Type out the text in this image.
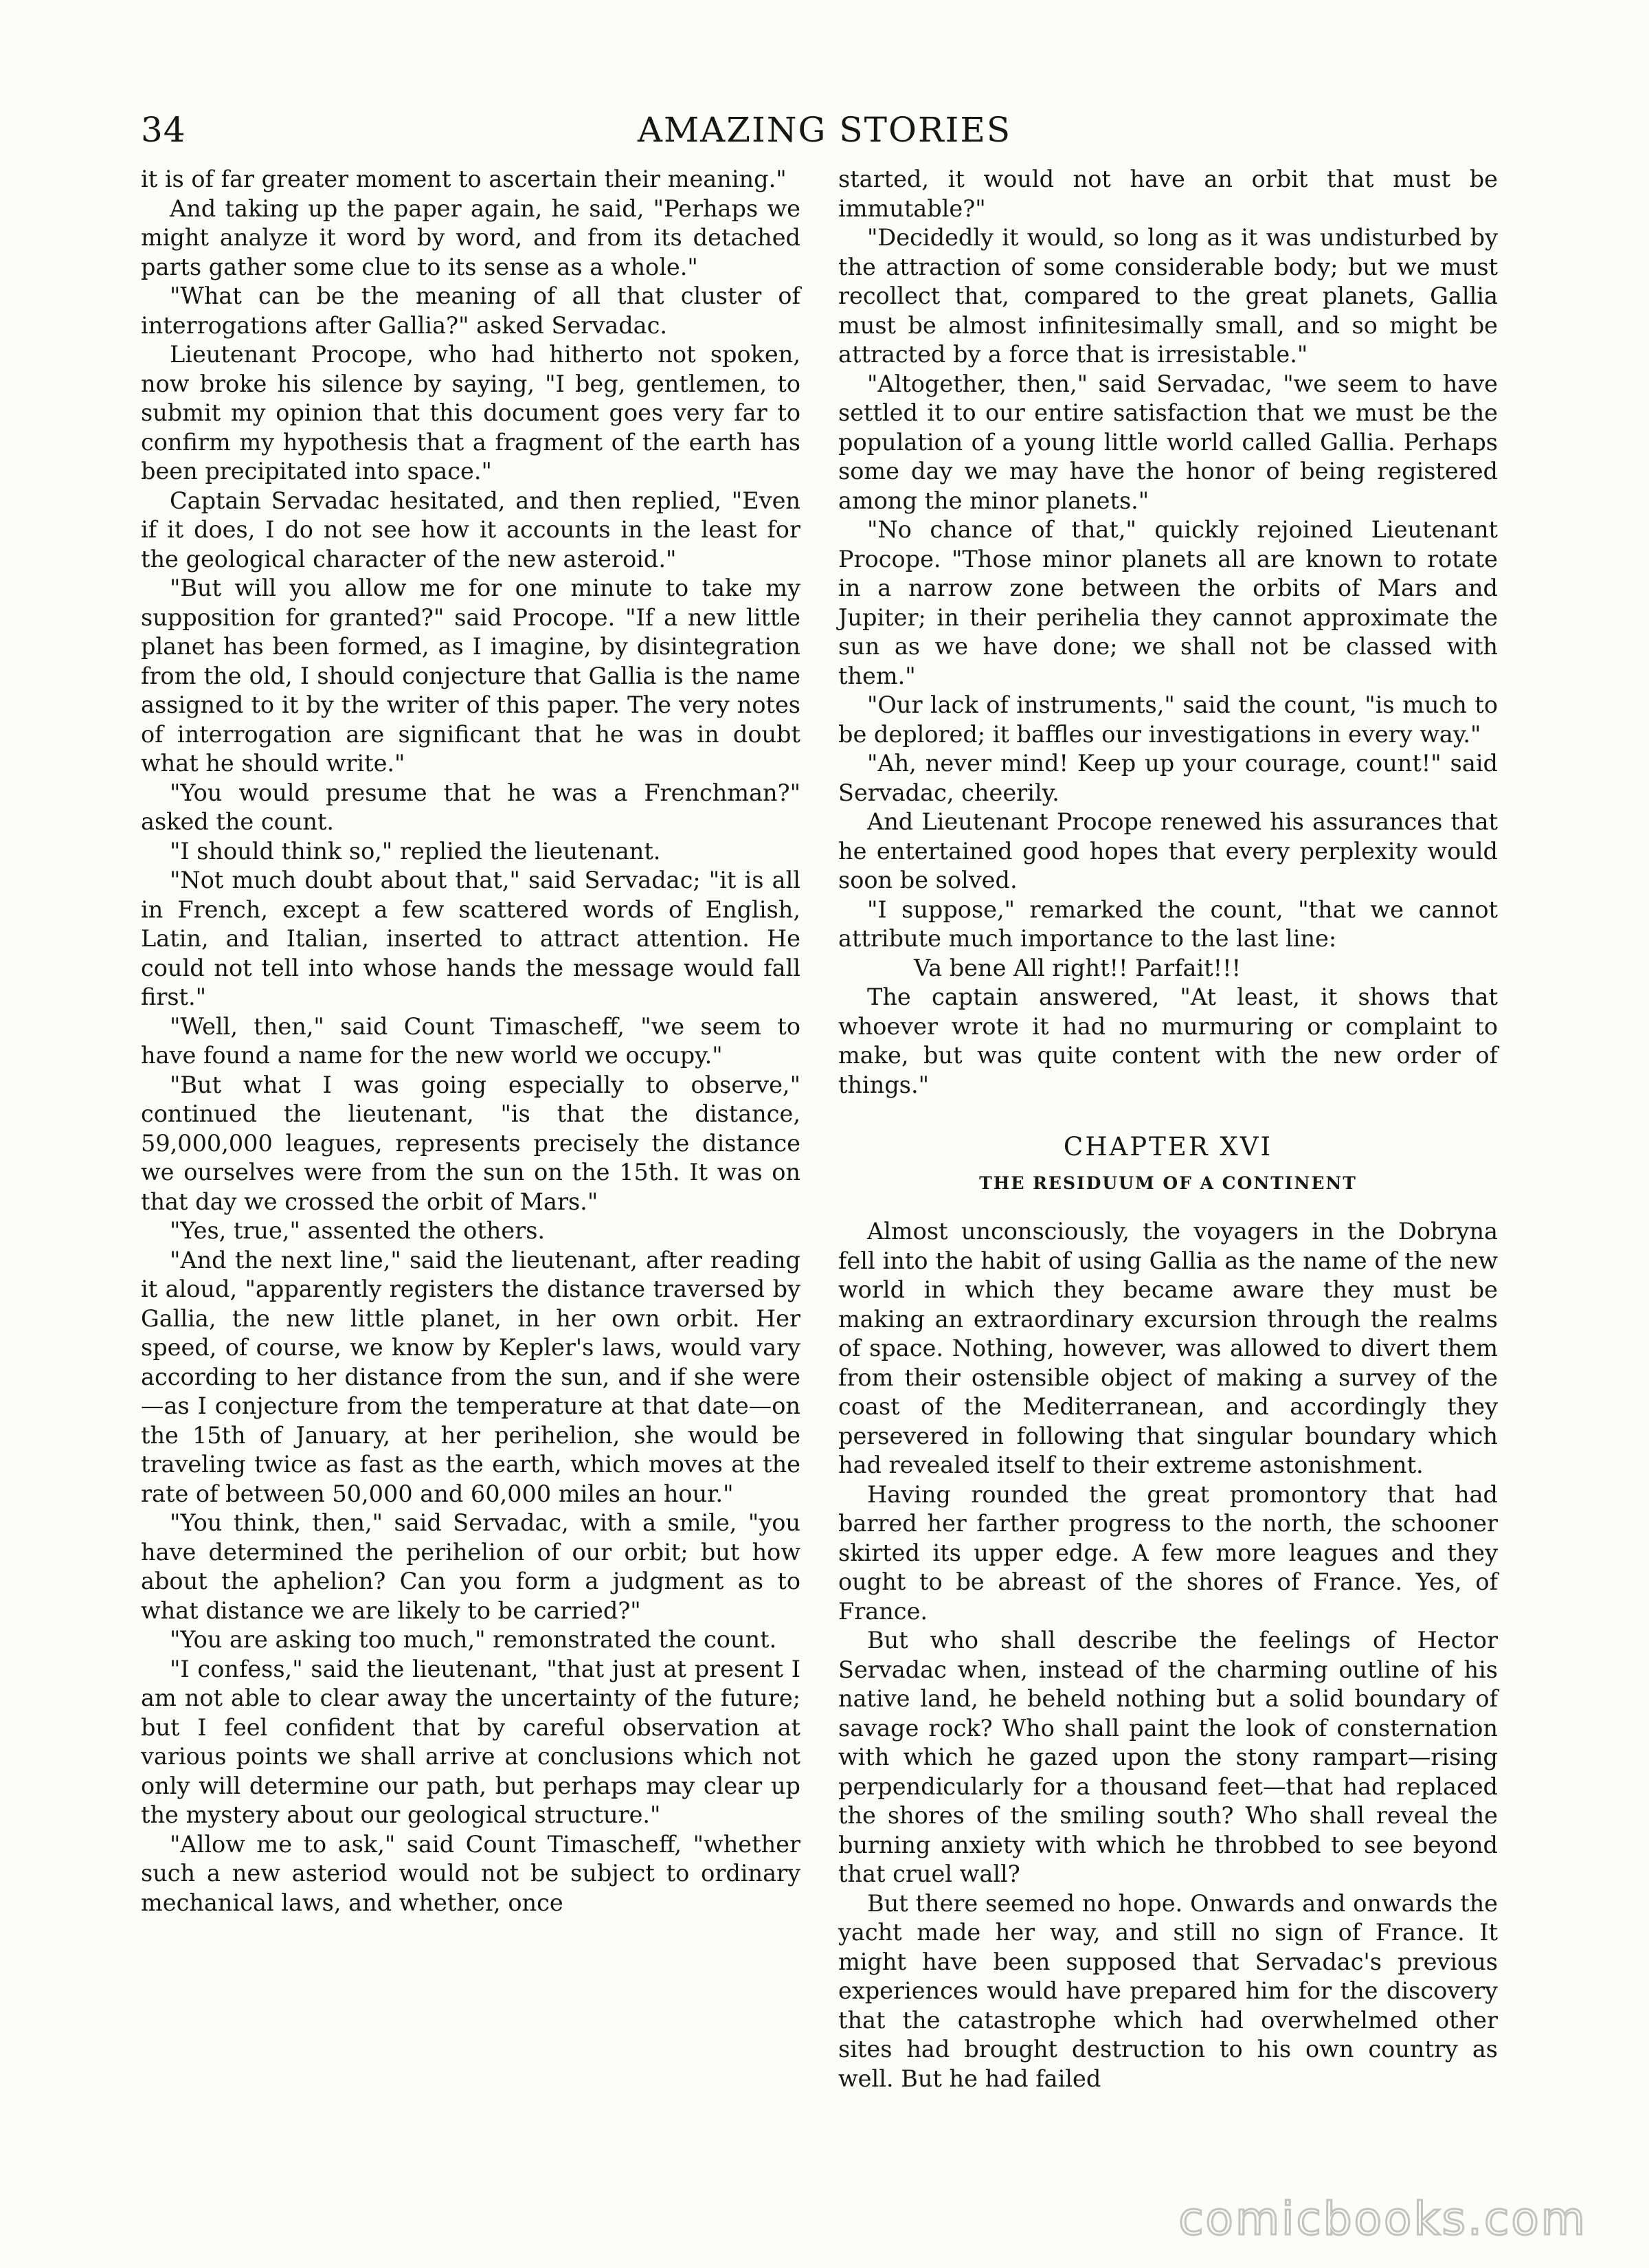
34	AMAZING STORIES

it is of far greater moment to ascertain their meaning."

And taking up the paper again, he said, "Perhaps we might analyze it word by word, and from its detached parts gather some clue to its sense as a whole."

"What can be the meaning of all that cluster of interrogations after Gallia?" asked Servadac.

Lieutenant Procope, who had hitherto not spoken, now broke his silence by saying, "I beg, gentlemen, to submit my opinion that this document goes very far to confirm my hypothesis that a fragment of the earth has been precipitated into space."

Captain Servadac hesitated, and then replied, "Even if it does, I do not see how it accounts in the least for the geological character of the new asteroid."

"But will you allow me for one minute to take my supposition for granted?" said Procope. "If a new little planet has been formed, as I imagine, by disintegration from the old, I should conjecture that Gallia is the name assigned to it by the writer of this paper. The very notes of interrogation are significant that he was in doubt what he should write."

"You would presume that he was a Frenchman?" asked the count.

"I should think so," replied the lieutenant.

"Not much doubt about that," said Servadac; "it is all in French, except a few scattered words of English, Latin, and Italian, inserted to attract attention. He could not tell into whose hands the message would fall first."

"Well, then," said Count Timascheff, "we seem to have found a name for the new world we occupy."

"But what I was going especially to observe," continued the lieutenant, "is that the distance, 59,000,000 leagues, represents precisely the distance we ourselves were from the sun on the 15th. It was on that day we crossed the orbit of Mars."

"Yes, true," assented the others.

"And the next line," said the lieutenant, after reading it aloud, "apparently registers the distance traversed by Gallia, the new little planet, in her own orbit. Her speed, of course, we know by Kepler's laws, would vary according to her distance from the sun, and if she were—as I conjecture from the temperature at that date—on the 15th of January, at her perihelion, she would be traveling twice as fast as the earth, which moves at the rate of between 50,000 and 60,000 miles an hour."

"You think, then," said Servadac, with a smile, "you have determined the perihelion of our orbit; but how about the aphelion? Can you form a judgment as to what distance we are likely to be carried?"

"You are asking too much," remonstrated the count.

"I confess," said the lieutenant, "that just at present I am not able to clear away the uncertainty of the future; but I feel confident that by careful observation at various points we shall arrive at conclusions which not only will determine our path, but perhaps may clear up the mystery about our geological structure."

"Allow me to ask," said Count Timascheff, "whether such a new asteriod would not be subject to ordinary mechanical laws, and whether, once

started, it would not have an orbit that must be immutable?"

"Decidedly it would, so long as it was undisturbed by the attraction of some considerable body; but we must recollect that, compared to the great planets, Gallia must be almost infinitesimally small, and so might be attracted by a force that is irresistable."

"Altogether, then," said Servadac, "we seem to have settled it to our entire satisfaction that we must be the population of a young little world called Gallia. Perhaps some day we may have the honor of being registered among the minor planets."

"No chance of that," quickly rejoined Lieutenant Procope. "Those minor planets all are known to rotate in a narrow zone between the orbits of Mars and Jupiter; in their perihelia they cannot approximate the sun as we have done; we shall not be classed with them."

"Our lack of instruments," said the count, "is much to be deplored; it baffles our investigations in every way."

"Ah, never mind! Keep up your courage, count!" said Servadac, cheerily.

And Lieutenant Procope renewed his assurances that he entertained good hopes that every perplexity would soon be solved.

"I suppose," remarked the count, "that we cannot attribute much importance to the last line:

Va bene All right!! Parfait!!!

The captain answered, "At least, it shows that whoever wrote it had no murmuring or complaint to make, but was quite content with the new order of things."

CHAPTER XVI
THE RESIDUUM OF A CONTINENT

Almost unconsciously, the voyagers in the Dobryna fell into the habit of using Gallia as the name of the new world in which they became aware they must be making an extraordinary excursion through the realms of space. Nothing, however, was allowed to divert them from their ostensible object of making a survey of the coast of the Mediterranean, and accordingly they persevered in following that singular boundary which had revealed itself to their extreme astonishment.

Having rounded the great promontory that had barred her farther progress to the north, the schooner skirted its upper edge. A few more leagues and they ought to be abreast of the shores of France. Yes, of France.

But who shall describe the feelings of Hector Servadac when, instead of the charming outline of his native land, he beheld nothing but a solid boundary of savage rock? Who shall paint the look of consternation with which he gazed upon the stony rampart—rising perpendicularly for a thousand feet—that had replaced the shores of the smiling south? Who shall reveal the burning anxiety with which he throbbed to see beyond that cruel wall?

But there seemed no hope. Onwards and onwards the yacht made her way, and still no sign of France. It might have been supposed that Servadac's previous experiences would have prepared him for the discovery that the catastrophe which had overwhelmed other sites had brought destruction to his own country as well. But he had failed

comicbooks.com
